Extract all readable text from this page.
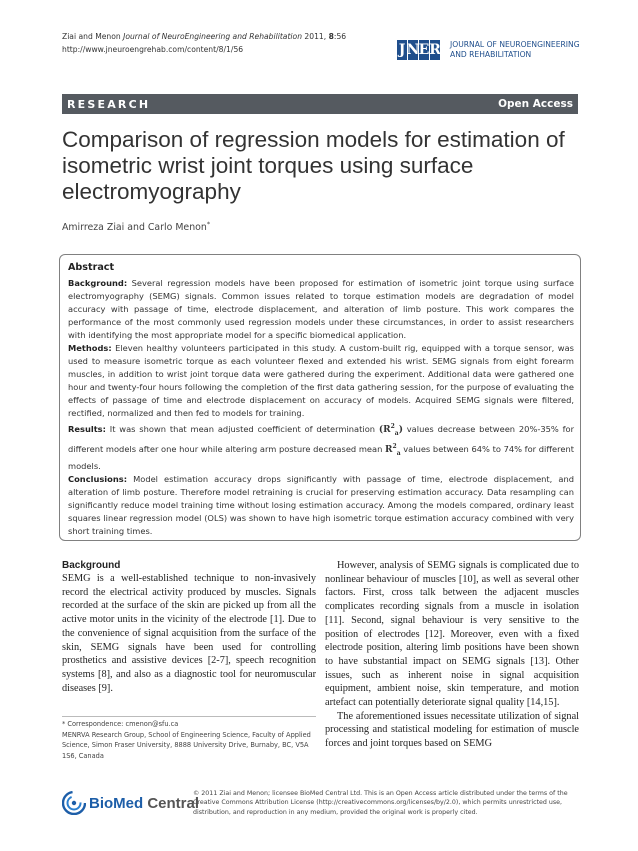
Ziai and Menon Journal of NeuroEngineering and Rehabilitation 2011, 8:56
http://www.jneuroengrehab.com/content/8/1/56	J N E R JOURNAL OF NEUROENGINEERING
AND REHABILITATION
RESEARCH	Open Access
Comparison of regression models for estimation of isometric wrist joint torques using surface electromyography
Amirreza Ziai and Carlo Menon*
Abstract

Background: Several regression models have been proposed for estimation of isometric joint torque using surface electromyography (SEMG) signals. Common issues related to torque estimation models are degradation of model accuracy with passage of time, electrode displacement, and alteration of limb posture. This work compares the performance of the most commonly used regression models under these circumstances, in order to assist researchers with identifying the most appropriate model for a specific biomedical application.

Methods: Eleven healthy volunteers participated in this study. A custom-built rig, equipped with a torque sensor, was used to measure isometric torque as each volunteer flexed and extended his wrist. SEMG signals from eight forearm muscles, in addition to wrist joint torque data were gathered during the experiment. Additional data were gathered one hour and twenty-four hours following the completion of the first data gathering session, for the purpose of evaluating the effects of passage of time and electrode displacement on accuracy of models. Acquired SEMG signals were filtered, rectified, normalized and then fed to models for training.

Results: It was shown that mean adjusted coefficient of determination $(R^2_a)$ values decrease between 20%-35% for different models after one hour while altering arm posture decreased mean $R^2_a$ values between 64% to 74% for different models.

Conclusions: Model estimation accuracy drops significantly with passage of time, electrode displacement, and alteration of limb posture. Therefore model retraining is crucial for preserving estimation accuracy. Data resampling can significantly reduce model training time without losing estimation accuracy. Among the models compared, ordinary least squares linear regression model (OLS) was shown to have high isometric torque estimation accuracy combined with very short training times.

Background

SEMG is a well-established technique to non-invasively record the electrical activity produced by muscles. Signals recorded at the surface of the skin are picked up from all the active motor units in the vicinity of the electrode [1]. Due to the convenience of signal acquisition from the surface of the skin, SEMG signals have been used for controlling prosthetics and assistive devices [2-7], speech recognition systems [8], and also as a diagnostic tool for neuromuscular diseases [9].

However, analysis of SEMG signals is complicated due to nonlinear behaviour of muscles [10], as well as several other factors. First, cross talk between the adjacent muscles complicates recording signals from a muscle in isolation [11]. Second, signal behaviour is very sensitive to the position of electrodes [12]. Moreover, even with a fixed electrode position, altering limb positions have been shown to have substantial impact on SEMG signals [13]. Other issues, such as inherent noise in signal acquisition equipment, ambient noise, skin temperature, and motion artefact can potentially deteriorate signal quality [14,15].

The aforementioned issues necessitate utilization of signal processing and statistical modeling for estimation of muscle forces and joint torques based on SEMG

* Correspondence: cmenon@sfu.ca
MENRVA Research Group, School of Engineering Science, Faculty of Applied Science, Simon Fraser University, 8888 University Drive, Burnaby, BC, V5A 1S6, Canada
BioMed Central
© 2011 Ziai and Menon; licensee BioMed Central Ltd. This is an Open Access article distributed under the terms of the Creative Commons Attribution License (http://creativecommons.org/licenses/by/2.0), which permits unrestricted use, distribution, and reproduction in any medium, provided the original work is properly cited.
